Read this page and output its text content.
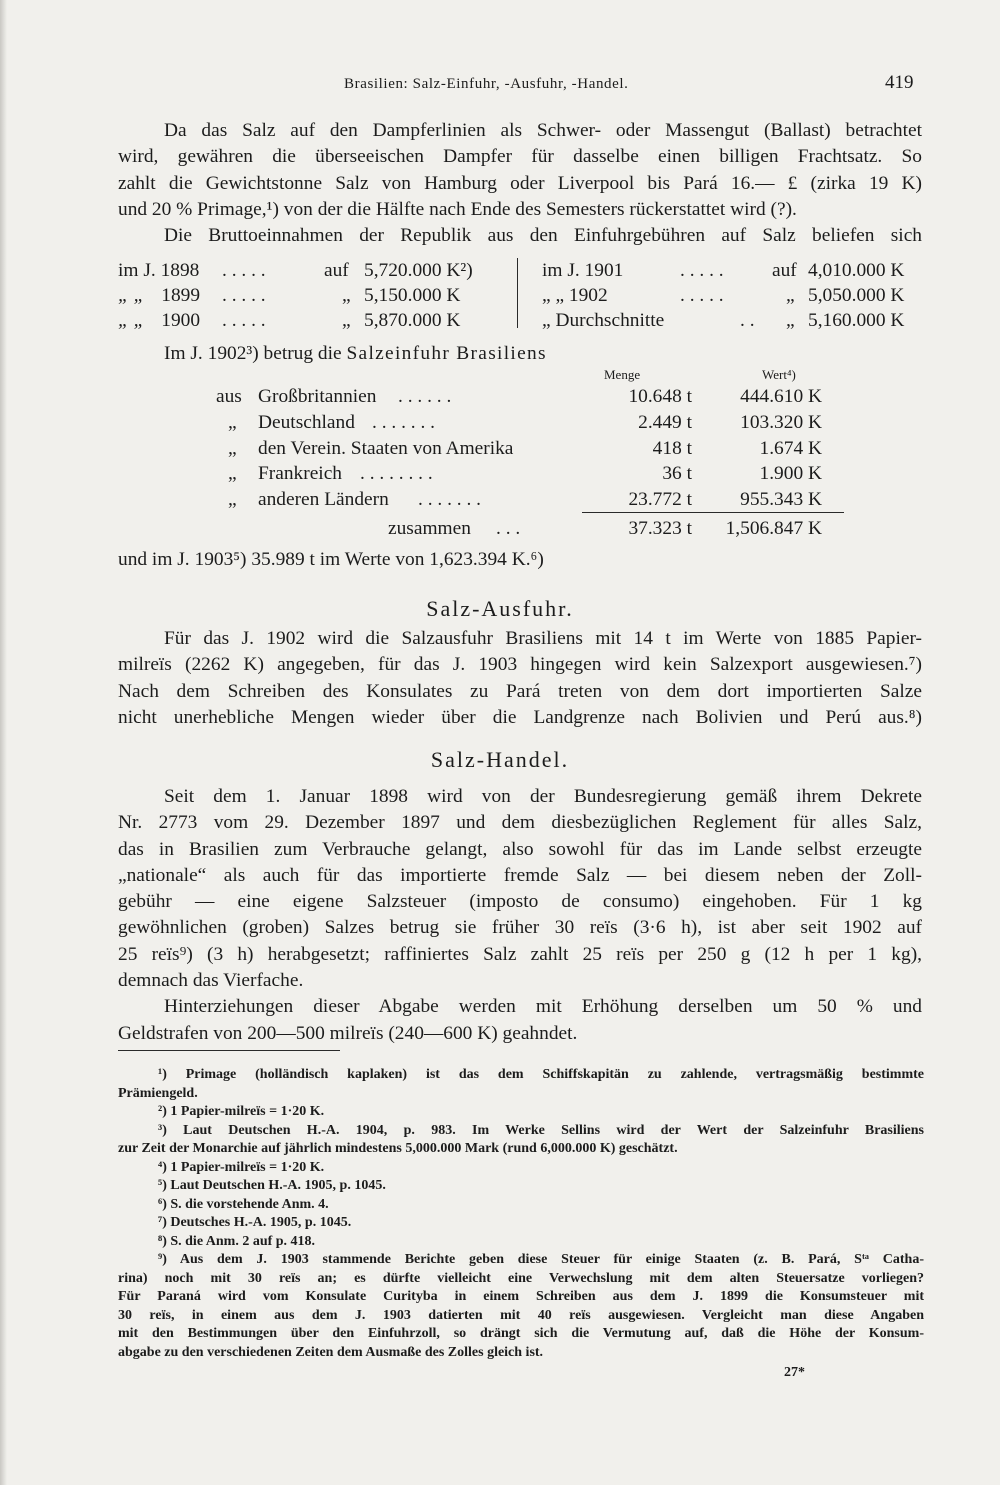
Brasilien: Salz-Einfuhr, -Ausfuhr, -Handel.	419
Da das Salz auf den Dampferlinien als Schwer- oder Massengut (Ballast) betrachtet
wird, gewähren die überseeischen Dampfer für dasselbe einen billigen Frachtsatz. So
zahlt die Gewichtstonne Salz von Hamburg oder Liverpool bis Pará 16.— £ (zirka 19 K)
und 20 % Primage,¹) von der die Hälfte nach Ende des Semesters rückerstattet wird (?).
Die Bruttoeinnahmen der Republik aus den Einfuhrgebühren auf Salz beliefen sich
im J. 1898 . . . . .	auf 5,720.000 K²)
„ „ 1899 . . . . .	„ 5,150.000 K
„ „ 1900 . . . . .	„ 5,870.000 K
im J. 1901	. . . . . auf 4,010.000 K
„ „ 1902	. . . . .	„ 5,050.000 K
„ Durchschnitte	. . „ 5,160.000 K
Im J. 1902³) betrug die Salzeinfuhr Brasiliens
Menge	Wert⁴)
aus Großbritannien . . . . . .	10.648 t	444.610 K
„ Deutschland . . . . . . .	2.449 t	103.320 K
„ den Verein. Staaten von Amerika	418 t	1.674 K
„ Frankreich . . . . . . . .	36 t	1.900 K
„ anderen Ländern . . . . . . .	23.772 t	955.343 K
zusammen . . .	37.323 t	1,506.847 K
und im J. 1903⁵) 35.989 t im Werte von 1,623.394 K.⁶)
Salz-Ausfuhr.
Für das J. 1902 wird die Salzausfuhr Brasiliens mit 14 t im Werte von 1885 Papier-
milreïs (2262 K) angegeben, für das J. 1903 hingegen wird kein Salzexport ausgewiesen.⁷)
Nach dem Schreiben des Konsulates zu Pará treten von dem dort importierten Salze
nicht unerhebliche Mengen wieder über die Landgrenze nach Bolivien und Perú aus.⁸)
Salz-Handel.
Seit dem 1. Januar 1898 wird von der Bundesregierung gemäß ihrem Dekrete
Nr. 2773 vom 29. Dezember 1897 und dem diesbezüglichen Reglement für alles Salz,
das in Brasilien zum Verbrauche gelangt, also sowohl für das im Lande selbst erzeugte
„nationale“ als auch für das importierte fremde Salz — bei diesem neben der Zoll-
gebühr — eine eigene Salzsteuer (imposto de consumo) eingehoben. Für 1 kg
gewöhnlichen (groben) Salzes betrug sie früher 30 reïs (3·6 h), ist aber seit 1902 auf
25 reïs⁹) (3 h) herabgesetzt; raffiniertes Salz zahlt 25 reïs per 250 g (12 h per 1 kg),
demnach das Vierfache.
Hinterziehungen dieser Abgabe werden mit Erhöhung derselben um 50 % und
Geldstrafen von 200—500 milreïs (240—600 K) geahndet.
¹) Primage (holländisch kaplaken) ist das dem Schiffskapitän zu zahlende, vertragsmäßig bestimmte
Prämiengeld.
²) 1 Papier-milreïs = 1·20 K.
³) Laut Deutschen H.-A. 1904, p. 983. Im Werke Sellins wird der Wert der Salzeinfuhr Brasiliens
zur Zeit der Monarchie auf jährlich mindestens 5,000.000 Mark (rund 6,000.000 K) geschätzt.
⁴) 1 Papier-milreïs = 1·20 K.
⁵) Laut Deutschen H.-A. 1905, p. 1045.
⁶) S. die vorstehende Anm. 4.
⁷) Deutsches H.-A. 1905, p. 1045.
⁸) S. die Anm. 2 auf p. 418.
⁹) Aus dem J. 1903 stammende Berichte geben diese Steuer für einige Staaten (z. B. Pará, Sᵗᵃ Catha-
rina) noch mit 30 reïs an; es dürfte vielleicht eine Verwechslung mit dem alten Steuersatze vorliegen?
Für Paraná wird vom Konsulate Curityba in einem Schreiben aus dem J. 1899 die Konsumsteuer mit
30 reïs, in einem aus dem J. 1903 datierten mit 40 reïs ausgewiesen. Vergleicht man diese Angaben
mit den Bestimmungen über den Einfuhrzoll, so drängt sich die Vermutung auf, daß die Höhe der Konsum-
abgabe zu den verschiedenen Zeiten dem Ausmaße des Zolles gleich ist.
27*
